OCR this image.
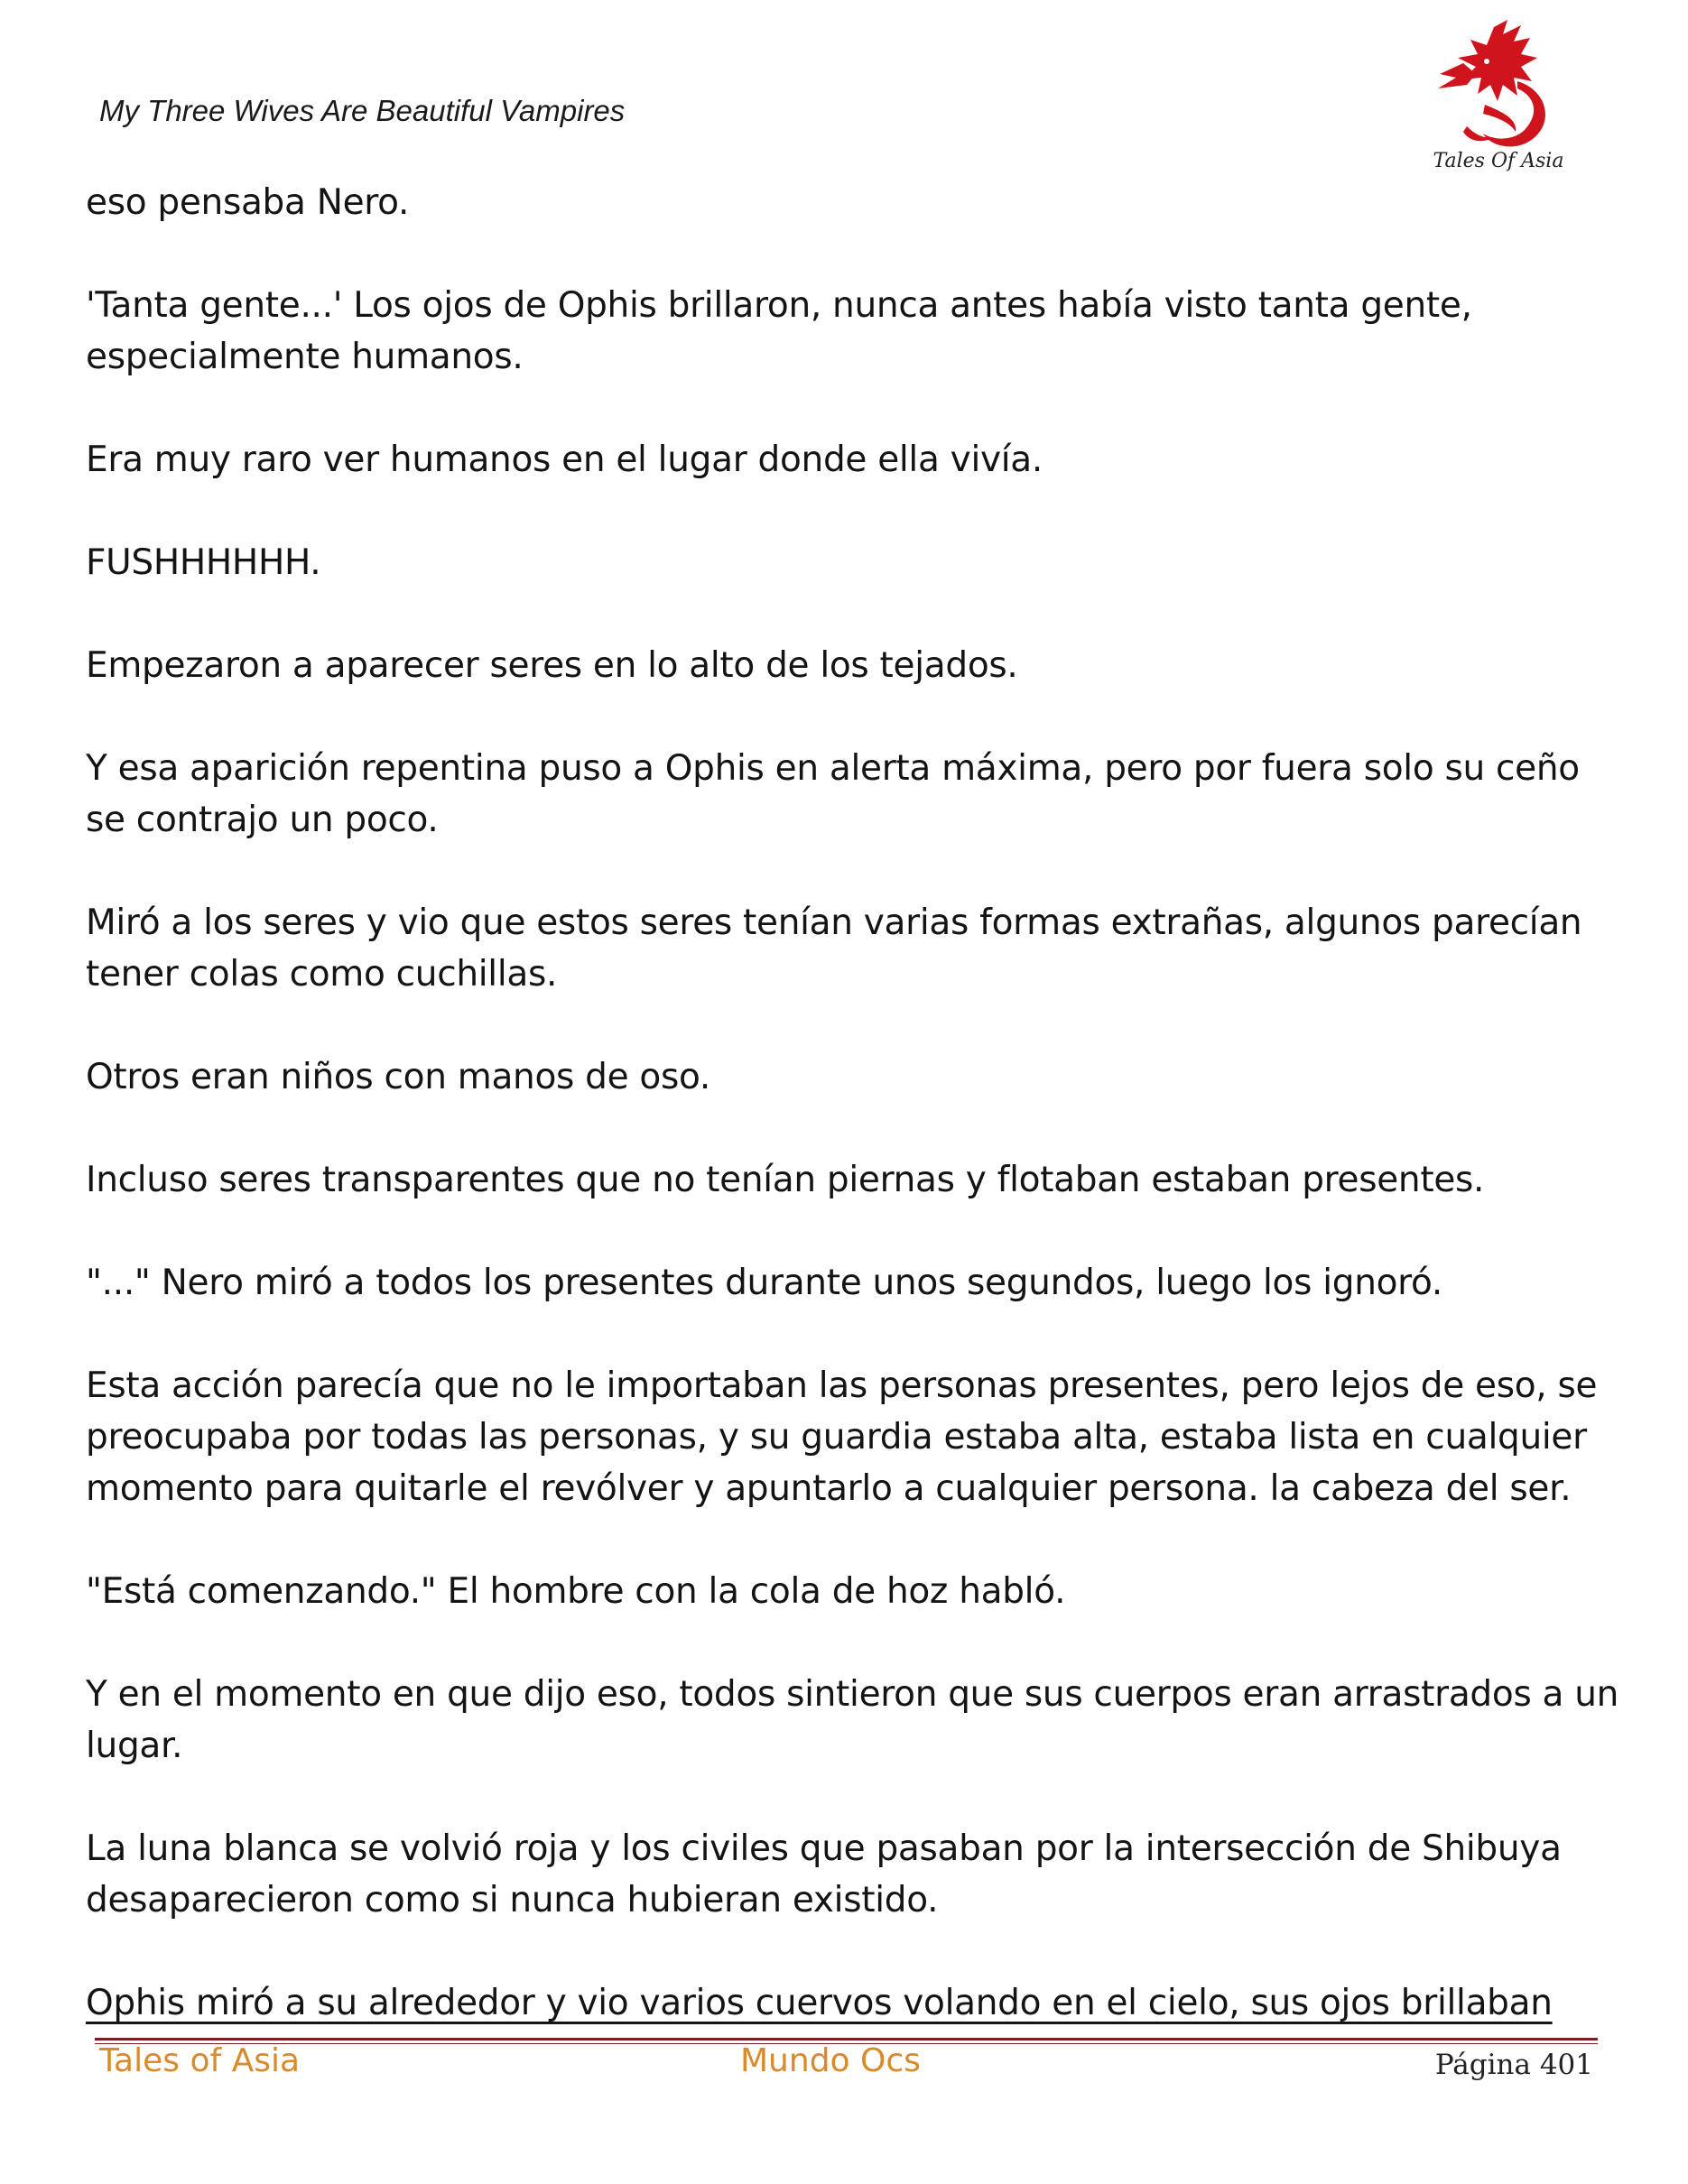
My Three Wives Are Beautiful Vampires
Tales Of Asia

eso pensaba Nero.

'Tanta gente...' Los ojos de Ophis brillaron, nunca antes había visto tanta gente, especialmente humanos.

Era muy raro ver humanos en el lugar donde ella vivía.

FUSHHHHHH.

Empezaron a aparecer seres en lo alto de los tejados.

Y esa aparición repentina puso a Ophis en alerta máxima, pero por fuera solo su ceño se contrajo un poco.

Miró a los seres y vio que estos seres tenían varias formas extrañas, algunos parecían tener colas como cuchillas.

Otros eran niños con manos de oso.

Incluso seres transparentes que no tenían piernas y flotaban estaban presentes.

"..." Nero miró a todos los presentes durante unos segundos, luego los ignoró.

Esta acción parecía que no le importaban las personas presentes, pero lejos de eso, se preocupaba por todas las personas, y su guardia estaba alta, estaba lista en cualquier momento para quitarle el revólver y apuntarlo a cualquier persona. la cabeza del ser.

"Está comenzando." El hombre con la cola de hoz habló.

Y en el momento en que dijo eso, todos sintieron que sus cuerpos eran arrastrados a un lugar.

La luna blanca se volvió roja y los civiles que pasaban por la intersección de Shibuya desaparecieron como si nunca hubieran existido.

Ophis miró a su alrededor y vio varios cuervos volando en el cielo, sus ojos brillaban

Tales of Asia	Mundo Ocs	Página 401
